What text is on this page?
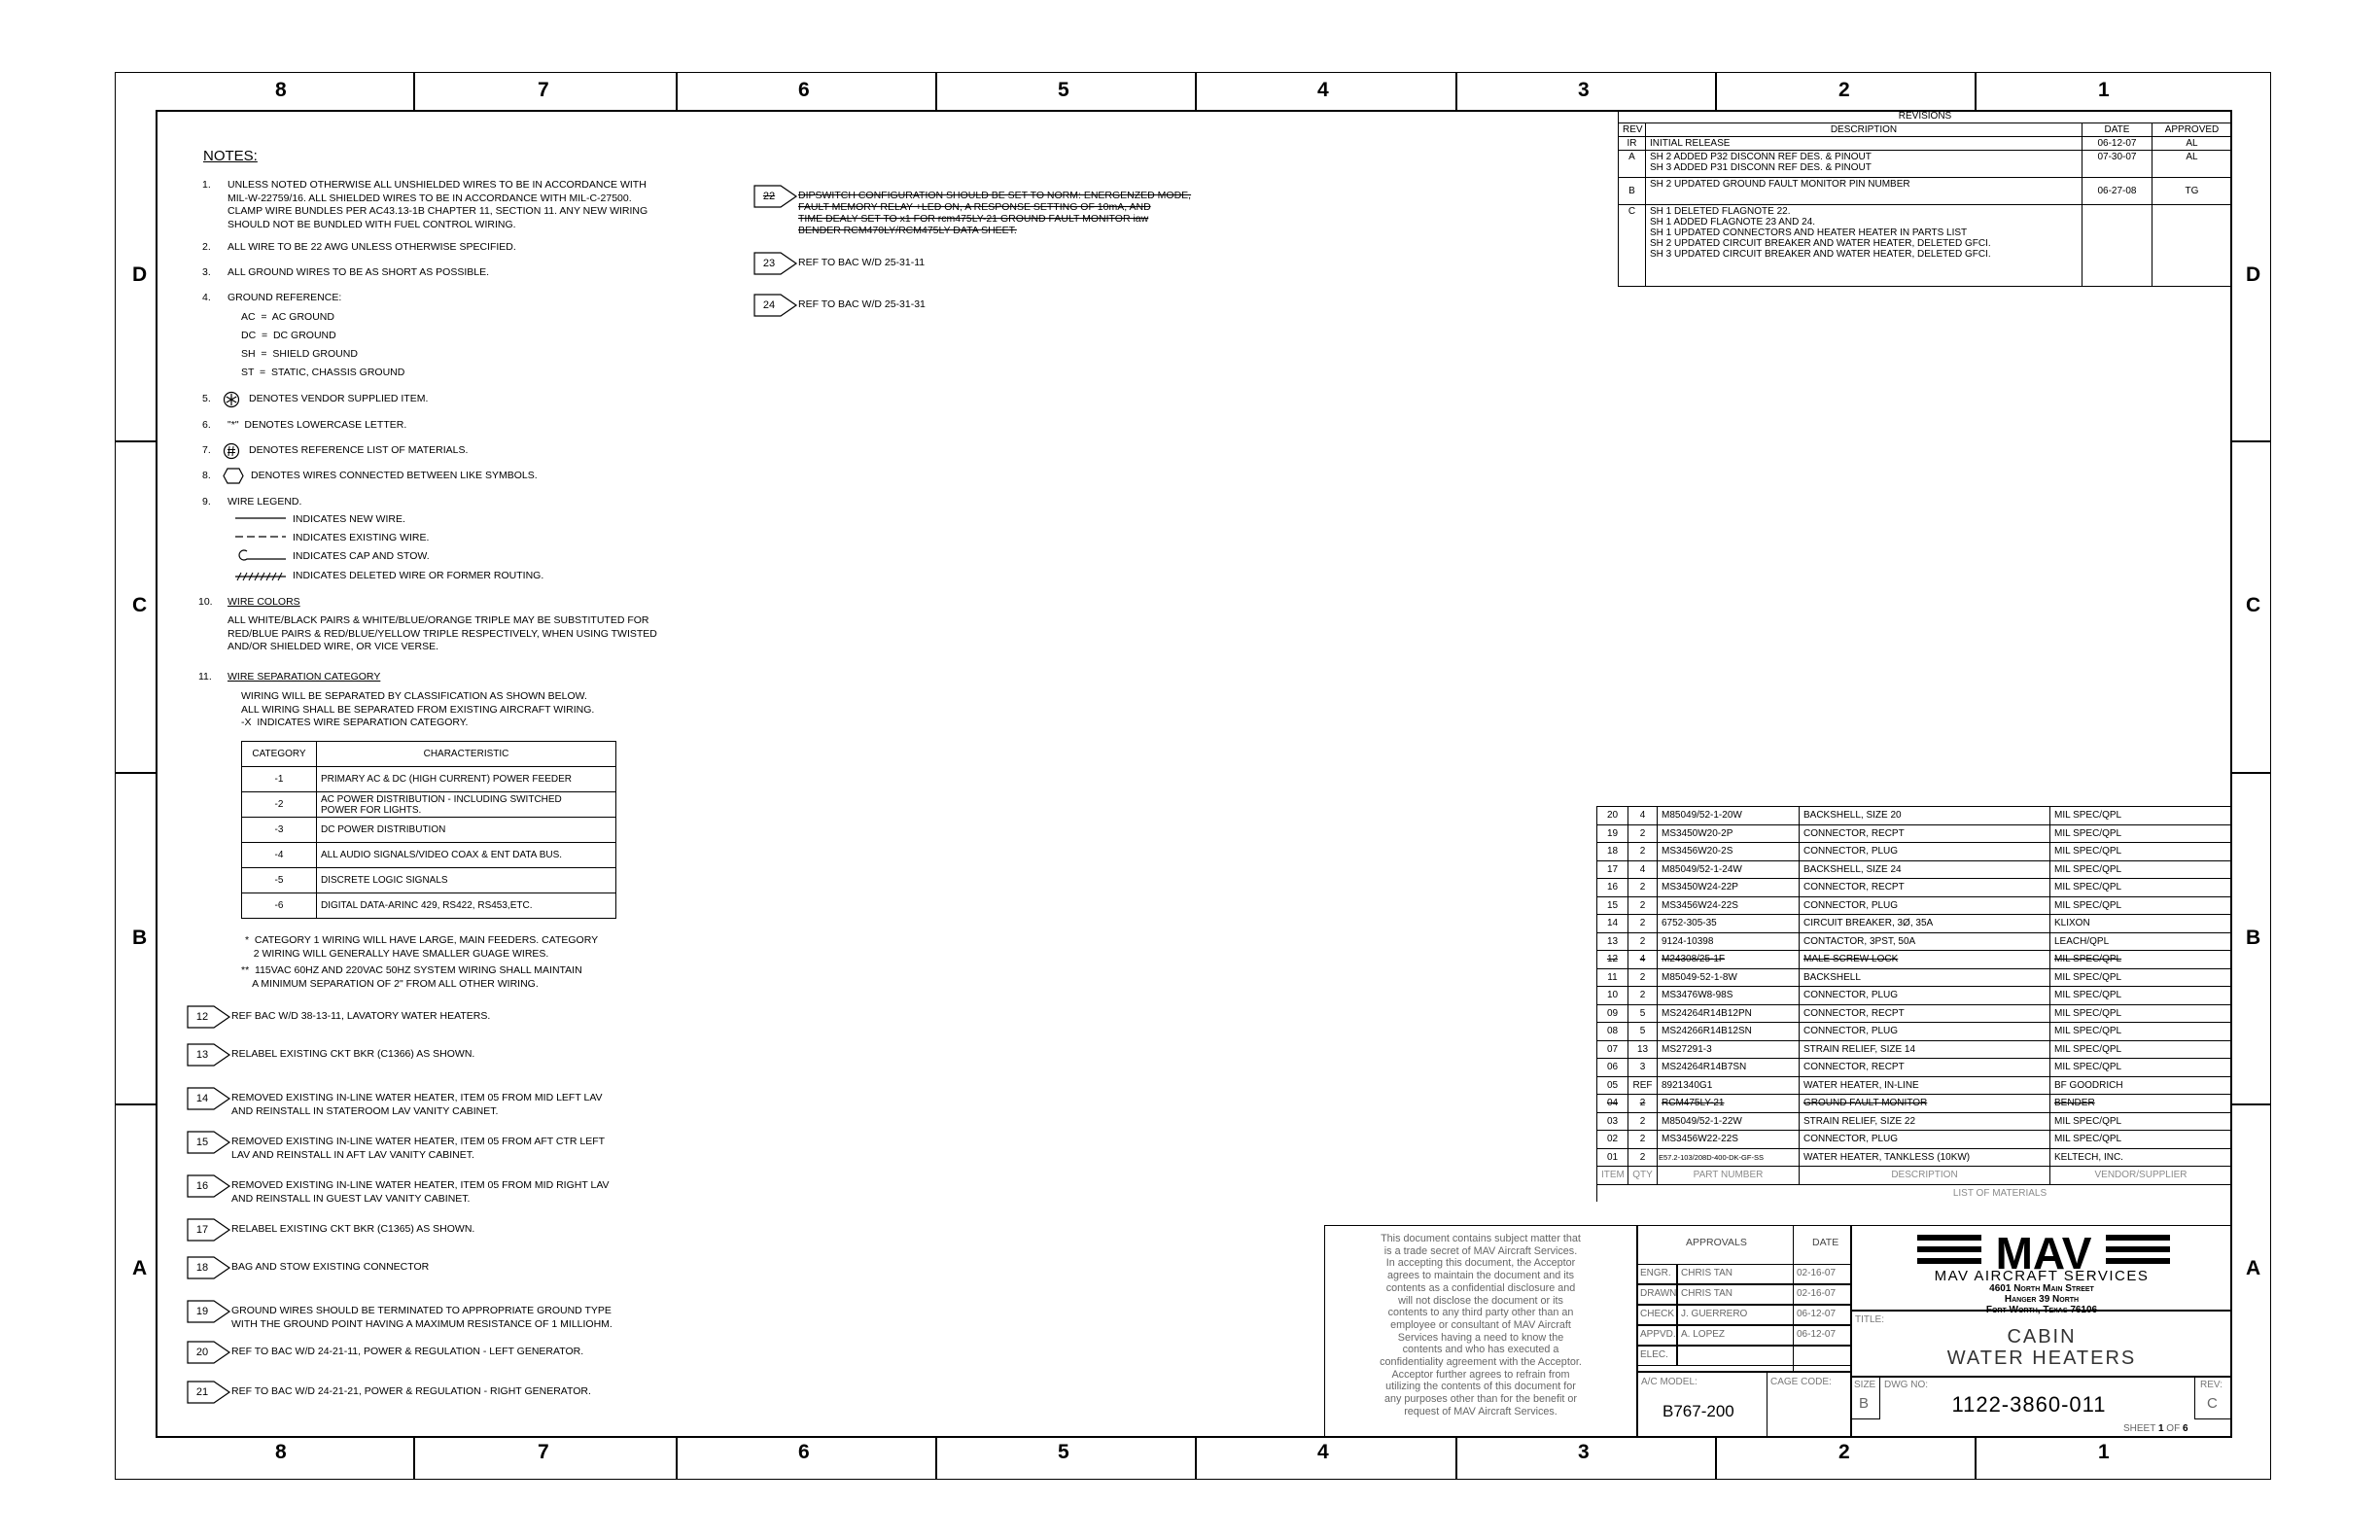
8
8
7
7
6
6
5
5
4
4
3
3
2
2
1
1
D	D
C	C
B	B
A	A
NOTES:
1. UNLESS NOTED OTHERWISE ALL UNSHIELDED WIRES TO BE IN ACCORDANCE WITH
MIL-W-22759/16. ALL SHIELDED WIRES TO BE IN ACCORDANCE WITH MIL-C-27500.
CLAMP WIRE BUNDLES PER AC43.13-1B CHAPTER 11, SECTION 11. ANY NEW WIRING
SHOULD NOT BE BUNDLED WITH FUEL CONTROL WIRING.
2. ALL WIRE TO BE 22 AWG UNLESS OTHERWISE SPECIFIED.
3. ALL GROUND WIRES TO BE AS SHORT AS POSSIBLE.
4. GROUND REFERENCE:
AC  =  AC GROUND
DC  =  DC GROUND
SH  =  SHIELD GROUND
ST  =  STATIC, CHASSIS GROUND
5.	DENOTES VENDOR SUPPLIED ITEM.
6. "*"  DENOTES LOWERCASE LETTER.
7.	DENOTES REFERENCE LIST OF MATERIALS.
8.	DENOTES WIRES CONNECTED BETWEEN LIKE SYMBOLS.
9. WIRE LEGEND.
INDICATES NEW WIRE.
INDICATES EXISTING WIRE.
INDICATES CAP AND STOW.
INDICATES DELETED WIRE OR FORMER ROUTING.
10. WIRE COLORS
ALL WHITE/BLACK PAIRS & WHITE/BLUE/ORANGE TRIPLE MAY BE SUBSTITUTED FOR
RED/BLUE PAIRS & RED/BLUE/YELLOW TRIPLE RESPECTIVELY, WHEN USING TWISTED
AND/OR SHIELDED WIRE, OR VICE VERSE.
11. WIRE SEPARATION CATEGORY
WIRING WILL BE SEPARATED BY CLASSIFICATION AS SHOWN BELOW.
ALL WIRING SHALL BE SEPARATED FROM EXISTING AIRCRAFT WIRING.
-X  INDICATES WIRE SEPARATION CATEGORY.
CATEGORY	CHARACTERISTIC
-1	PRIMARY AC & DC (HIGH CURRENT) POWER FEEDER
-2	AC POWER DISTRIBUTION - INCLUDING SWITCHED
POWER FOR LIGHTS.
-3	DC POWER DISTRIBUTION
-4	ALL AUDIO SIGNALS/VIDEO COAX & ENT DATA BUS.
-5	DISCRETE LOGIC SIGNALS
-6	DIGITAL DATA-ARINC 429, RS422, RS453,ETC.
*  CATEGORY 1 WIRING WILL HAVE LARGE, MAIN FEEDERS. CATEGORY
2 WIRING WILL GENERALLY HAVE SMALLER GUAGE WIRES.
**  115VAC 60HZ AND 220VAC 50HZ SYSTEM WIRING SHALL MAINTAIN
A MINIMUM SEPARATION OF 2" FROM ALL OTHER WIRING.
12	REF BAC W/D 38-13-11, LAVATORY WATER HEATERS.
13	RELABEL EXISTING CKT BKR (C1366) AS SHOWN.
14	REMOVED EXISTING IN-LINE WATER HEATER, ITEM 05 FROM MID LEFT LAV
AND REINSTALL IN STATEROOM LAV VANITY CABINET.
15	REMOVED EXISTING IN-LINE WATER HEATER, ITEM 05 FROM AFT CTR LEFT
LAV AND REINSTALL IN AFT LAV VANITY CABINET.
16	REMOVED EXISTING IN-LINE WATER HEATER, ITEM 05 FROM MID RIGHT LAV
AND REINSTALL IN GUEST LAV VANITY CABINET.
17	RELABEL EXISTING CKT BKR (C1365) AS SHOWN.
18	BAG AND STOW EXISTING CONNECTOR
19	GROUND WIRES SHOULD BE TERMINATED TO APPROPRIATE GROUND TYPE
WITH THE GROUND POINT HAVING A MAXIMUM RESISTANCE OF 1 MILLIOHM.
20	REF TO BAC W/D 24-21-11, POWER & REGULATION - LEFT GENERATOR.
21	REF TO BAC W/D 24-21-21, POWER & REGULATION - RIGHT GENERATOR.
22	DIPSWITCH CONFIGURATION SHOULD BE SET TO NORM: ENERGENZED MODE,
FAULT MEMORY RELAY +LED ON, A RESPONSE SETTING OF 10mA, AND
TIME DEALY SET TO x1 FOR rcm475LY-21 GROUND FAULT MONITOR iaw
BENDER RCM470LY/RCM475LY DATA SHEET.
23	REF TO BAC W/D 25-31-11
24	REF TO BAC W/D 25-31-31
REVISIONS			
REV	DESCRIPTION	DATE	APPROVED
IR	INITIAL RELEASE	06-12-07	AL
A	SH 2 ADDED P32 DISCONN REF DES. & PINOUT
SH 3 ADDED P31 DISCONN REF DES. & PINOUT	07-30-07	AL
B	SH 2 UPDATED GROUND FAULT MONITOR PIN NUMBER	06-27-08	TG
C	SH 1 DELETED FLAGNOTE 22.
SH 1 ADDED FLAGNOTE 23 AND 24.
SH 1 UPDATED CONNECTORS AND HEATER HEATER IN PARTS LIST
SH 2 UPDATED CIRCUIT BREAKER AND WATER HEATER, DELETED GFCI.
SH 3 UPDATED CIRCUIT BREAKER AND WATER HEATER, DELETED GFCI.		
20	4	M85049/52-1-20W	BACKSHELL, SIZE 20	MIL SPEC/QPL
19	2	MS3450W20-2P	CONNECTOR, RECPT	MIL SPEC/QPL
18	2	MS3456W20-2S	CONNECTOR, PLUG	MIL SPEC/QPL
17	4	M85049/52-1-24W	BACKSHELL, SIZE 24	MIL SPEC/QPL
16	2	MS3450W24-22P	CONNECTOR, RECPT	MIL SPEC/QPL
15	2	MS3456W24-22S	CONNECTOR, PLUG	MIL SPEC/QPL
14	2	6752-305-35	CIRCUIT BREAKER, 3Ø, 35A	KLIXON
13	2	9124-10398	CONTACTOR, 3PST, 50A	LEACH/QPL
12	4	M24308/25-1F	MALE SCREW LOCK	MIL SPEC/QPL
11	2	M85049-52-1-8W	BACKSHELL	MIL SPEC/QPL
10	2	MS3476W8-98S	CONNECTOR, PLUG	MIL SPEC/QPL
09	5	MS24264R14B12PN	CONNECTOR, RECPT	MIL SPEC/QPL
08	5	MS24266R14B12SN	CONNECTOR, PLUG	MIL SPEC/QPL
07	13	MS27291-3	STRAIN RELIEF, SIZE 14	MIL SPEC/QPL
06	3	MS24264R14B7SN	CONNECTOR, RECPT	MIL SPEC/QPL
05	REF	8921340G1	WATER HEATER, IN-LINE	BF GOODRICH
04	2	RCM475LY-21	GROUND FAULT MONITOR	BENDER
03	2	M85049/52-1-22W	STRAIN RELIEF, SIZE 22	MIL SPEC/QPL
02	2	MS3456W22-22S	CONNECTOR, PLUG	MIL SPEC/QPL
01	2	E57.2-103/208D-400-DK-GF-SS	WATER HEATER, TANKLESS (10KW)	KELTECH, INC.
ITEM	QTY	PART NUMBER	DESCRIPTION	VENDOR/SUPPLIER
LIST OF MATERIALS				
This document contains subject matter that
is a trade secret of MAV Aircraft Services.
In accepting this document, the Acceptor
agrees to maintain the document and its
contents as a confidential disclosure and
will not disclose the document or its
contents to any third party other than an
employee or consultant of MAV Aircraft
Services having a need to know the
contents and who has executed a
confidentiality agreement with the Acceptor.
Acceptor further agrees to refrain from
utilizing the contents of this document for
any purposes other than for the benefit or
request of MAV Aircraft Services.
APPROVALS	DATE
A/C MODEL:
B767-200
CAGE CODE:
MAV
MAV AIRCRAFT SERVICES
4601 North Main Street
Hanger 39 North
Fort Worth, Texas 76106
TITLE:
CABIN
WATER HEATERS
SIZE
B
DWG NO:
1122-3860-011
REV:
C
SHEET 1 OF 6
ENGR. CHRIS TAN	02-16-07
DRAWN CHRIS TAN	02-16-07
CHECK J. GUERRERO	06-12-07
APPVD. A. LOPEZ	06-12-07
ELEC.
